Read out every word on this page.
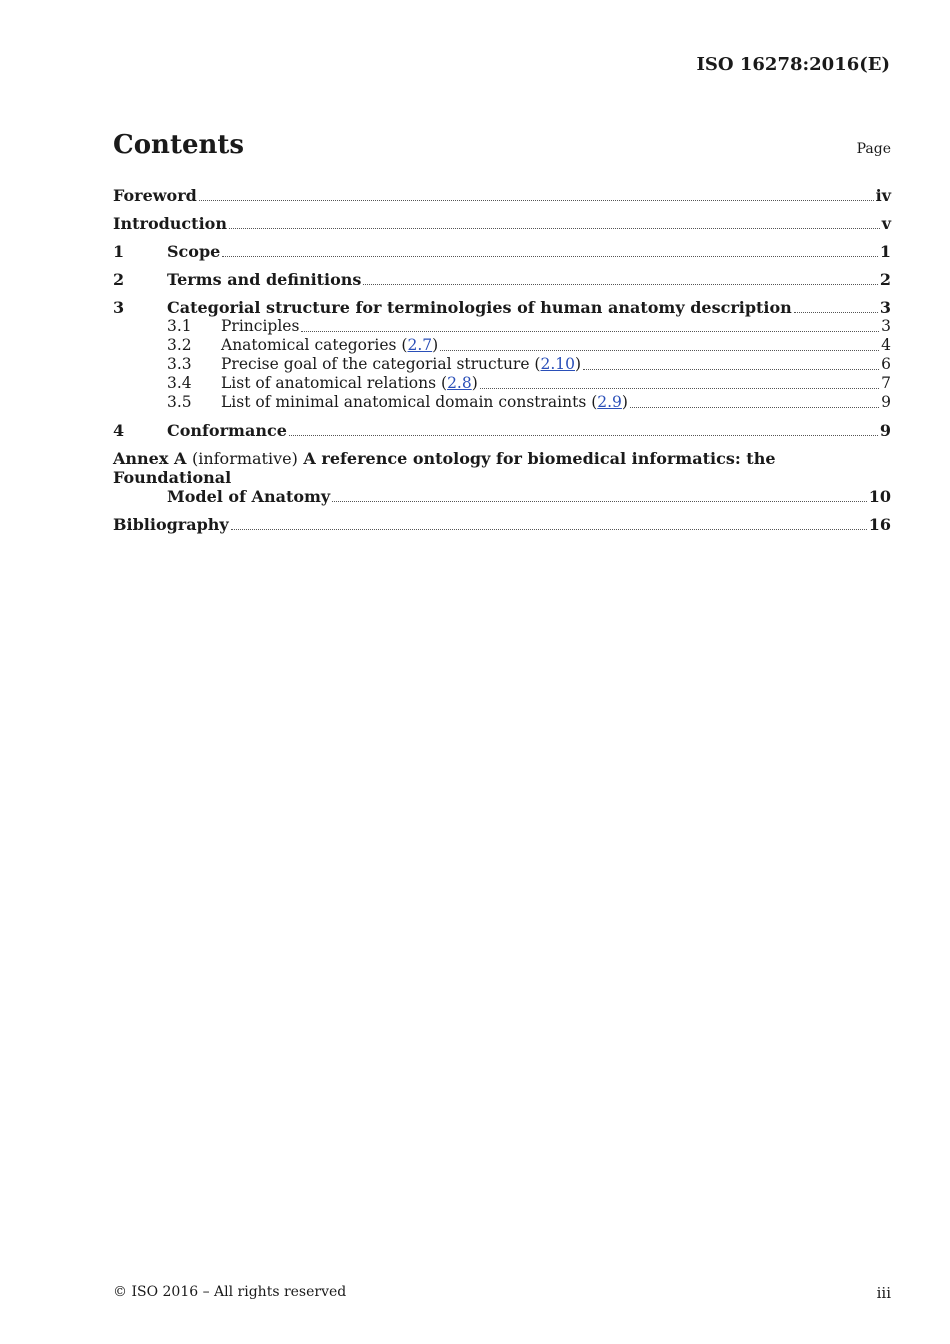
ISO 16278:2016(E)
Contents	Page
Foreword	iv
Introduction	v
1	Scope	1
2	Terms and definitions	2
3	Categorial structure for terminologies of human anatomy description	3
3.1	Principles	3
3.2	Anatomical categories (2.7)	4
3.3	Precise goal of the categorial structure (2.10)	6
3.4	List of anatomical relations (2.8)	7
3.5	List of minimal anatomical domain constraints (2.9)	9
4	Conformance	9
Annex A (informative) A reference ontology for biomedical informatics: the Foundational
Model of Anatomy	10
Bibliography	16
© ISO 2016 – All rights reserved	iii
